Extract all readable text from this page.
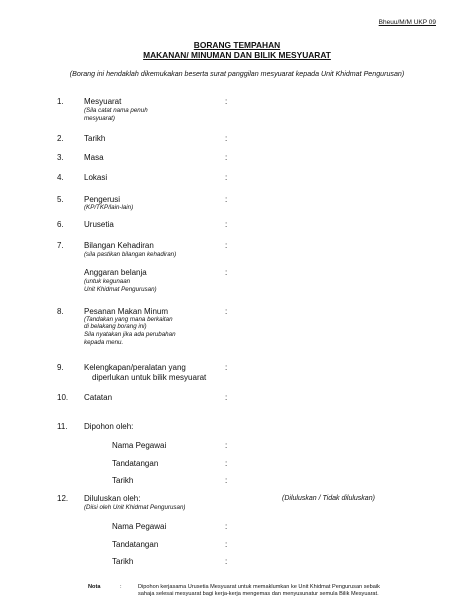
Bheuu/M/M UKP 09
BORANG TEMPAHAN
MAKANAN/ MINUMAN DAN BILIK MESYUARAT
(Borang ini hendaklah dikemukakan beserta surat panggilan mesyuarat kepada Unit Khidmat Pengurusan)
1.	Mesyuarat
(Sila catat nama penuh
mesyuarat)
:
2.	Tarikh	:
3.	Masa	:
4.	Lokasi	:
5.	Pengerusi
(KP/TKP/lain-lain)
:
6.	Urusetia	:
7.	Bilangan Kehadiran
(sila pastikan bilangan kehadiran)
:
Anggaran belanja
(untuk kegunaan
Unit Khidmat Pengurusan)
:
8.	Pesanan Makan Minum
(Tandakan yang mana berkaitan
di belakang borang ini)
Sila nyatakan jika ada perubahan
kepada menu.
:
9.	Kelengkapan/peralatan yang
diperlukan untuk bilik mesyuarat
:
10. Catatan	:
11. Dipohon oleh:
Nama Pegawai	:
Tandatangan	:
Tarikh	:
12. Diluluskan oleh:
(Diisi oleh Unit Khidmat Pengurusan)
(Diluluskan / Tidak diluluskan)
Nama Pegawai	:
Tandatangan	:
Tarikh	:
Nota	:	Dipohon kerjasama Urusetia Mesyuarat untuk memaklumkan ke Unit Khidmat Pengurusan sebaik
sahaja selesai mesyuarat bagi kerja-kerja mengemas dan menyusunatur semula Bilik Mesyuarat.
